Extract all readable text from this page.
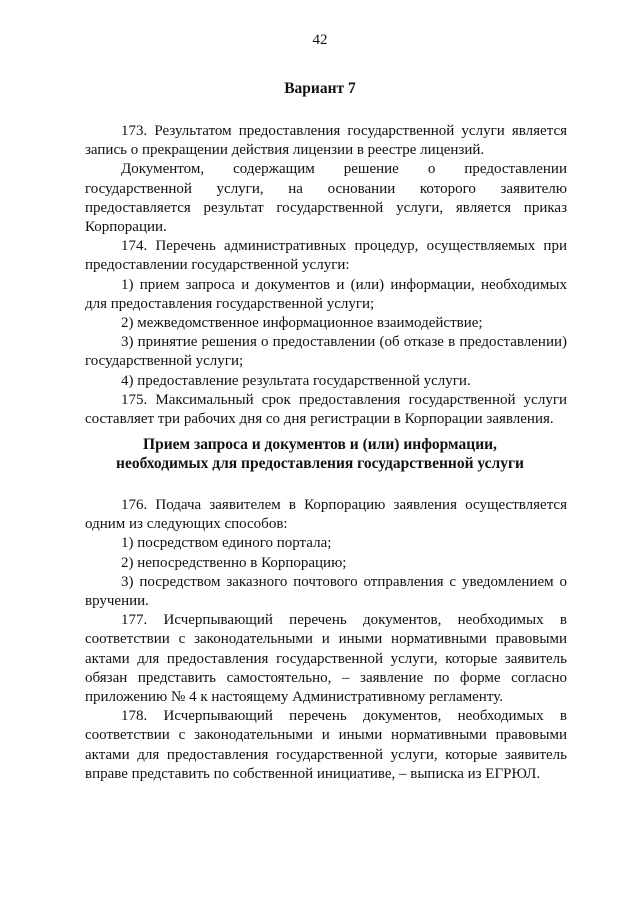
42
Вариант 7

173. Результатом предоставления государственной услуги является запись о прекращении действия лицензии в реестре лицензий.

Документом, содержащим решение о предоставлении государственной услуги, на основании которого заявителю предоставляется результат государственной услуги, является приказ Корпорации.

174. Перечень административных процедур, осуществляемых при предоставлении государственной услуги:

1) прием запроса и документов и (или) информации, необходимых для предоставления государственной услуги;

2) межведомственное информационное взаимодействие;

3) принятие решения о предоставлении (об отказе в предоставлении) государственной услуги;

4) предоставление результата государственной услуги.

175. Максимальный срок предоставления государственной услуги составляет три рабочих дня со дня регистрации в Корпорации заявления.

Прием запроса и документов и (или) информации,
необходимых для предоставления государственной услуги

176. Подача заявителем в Корпорацию заявления осуществляется одним из следующих способов:

1) посредством единого портала;

2) непосредственно в Корпорацию;

3) посредством заказного почтового отправления с уведомлением о вручении.

177. Исчерпывающий перечень документов, необходимых в соответствии с законодательными и иными нормативными правовыми актами для предоставления государственной услуги, которые заявитель обязан представить самостоятельно, – заявление по форме согласно приложению № 4 к настоящему Административному регламенту.

178. Исчерпывающий перечень документов, необходимых в соответствии с законодательными и иными нормативными правовыми актами для предоставления государственной услуги, которые заявитель вправе представить по собственной инициативе, – выписка из ЕГРЮЛ.
